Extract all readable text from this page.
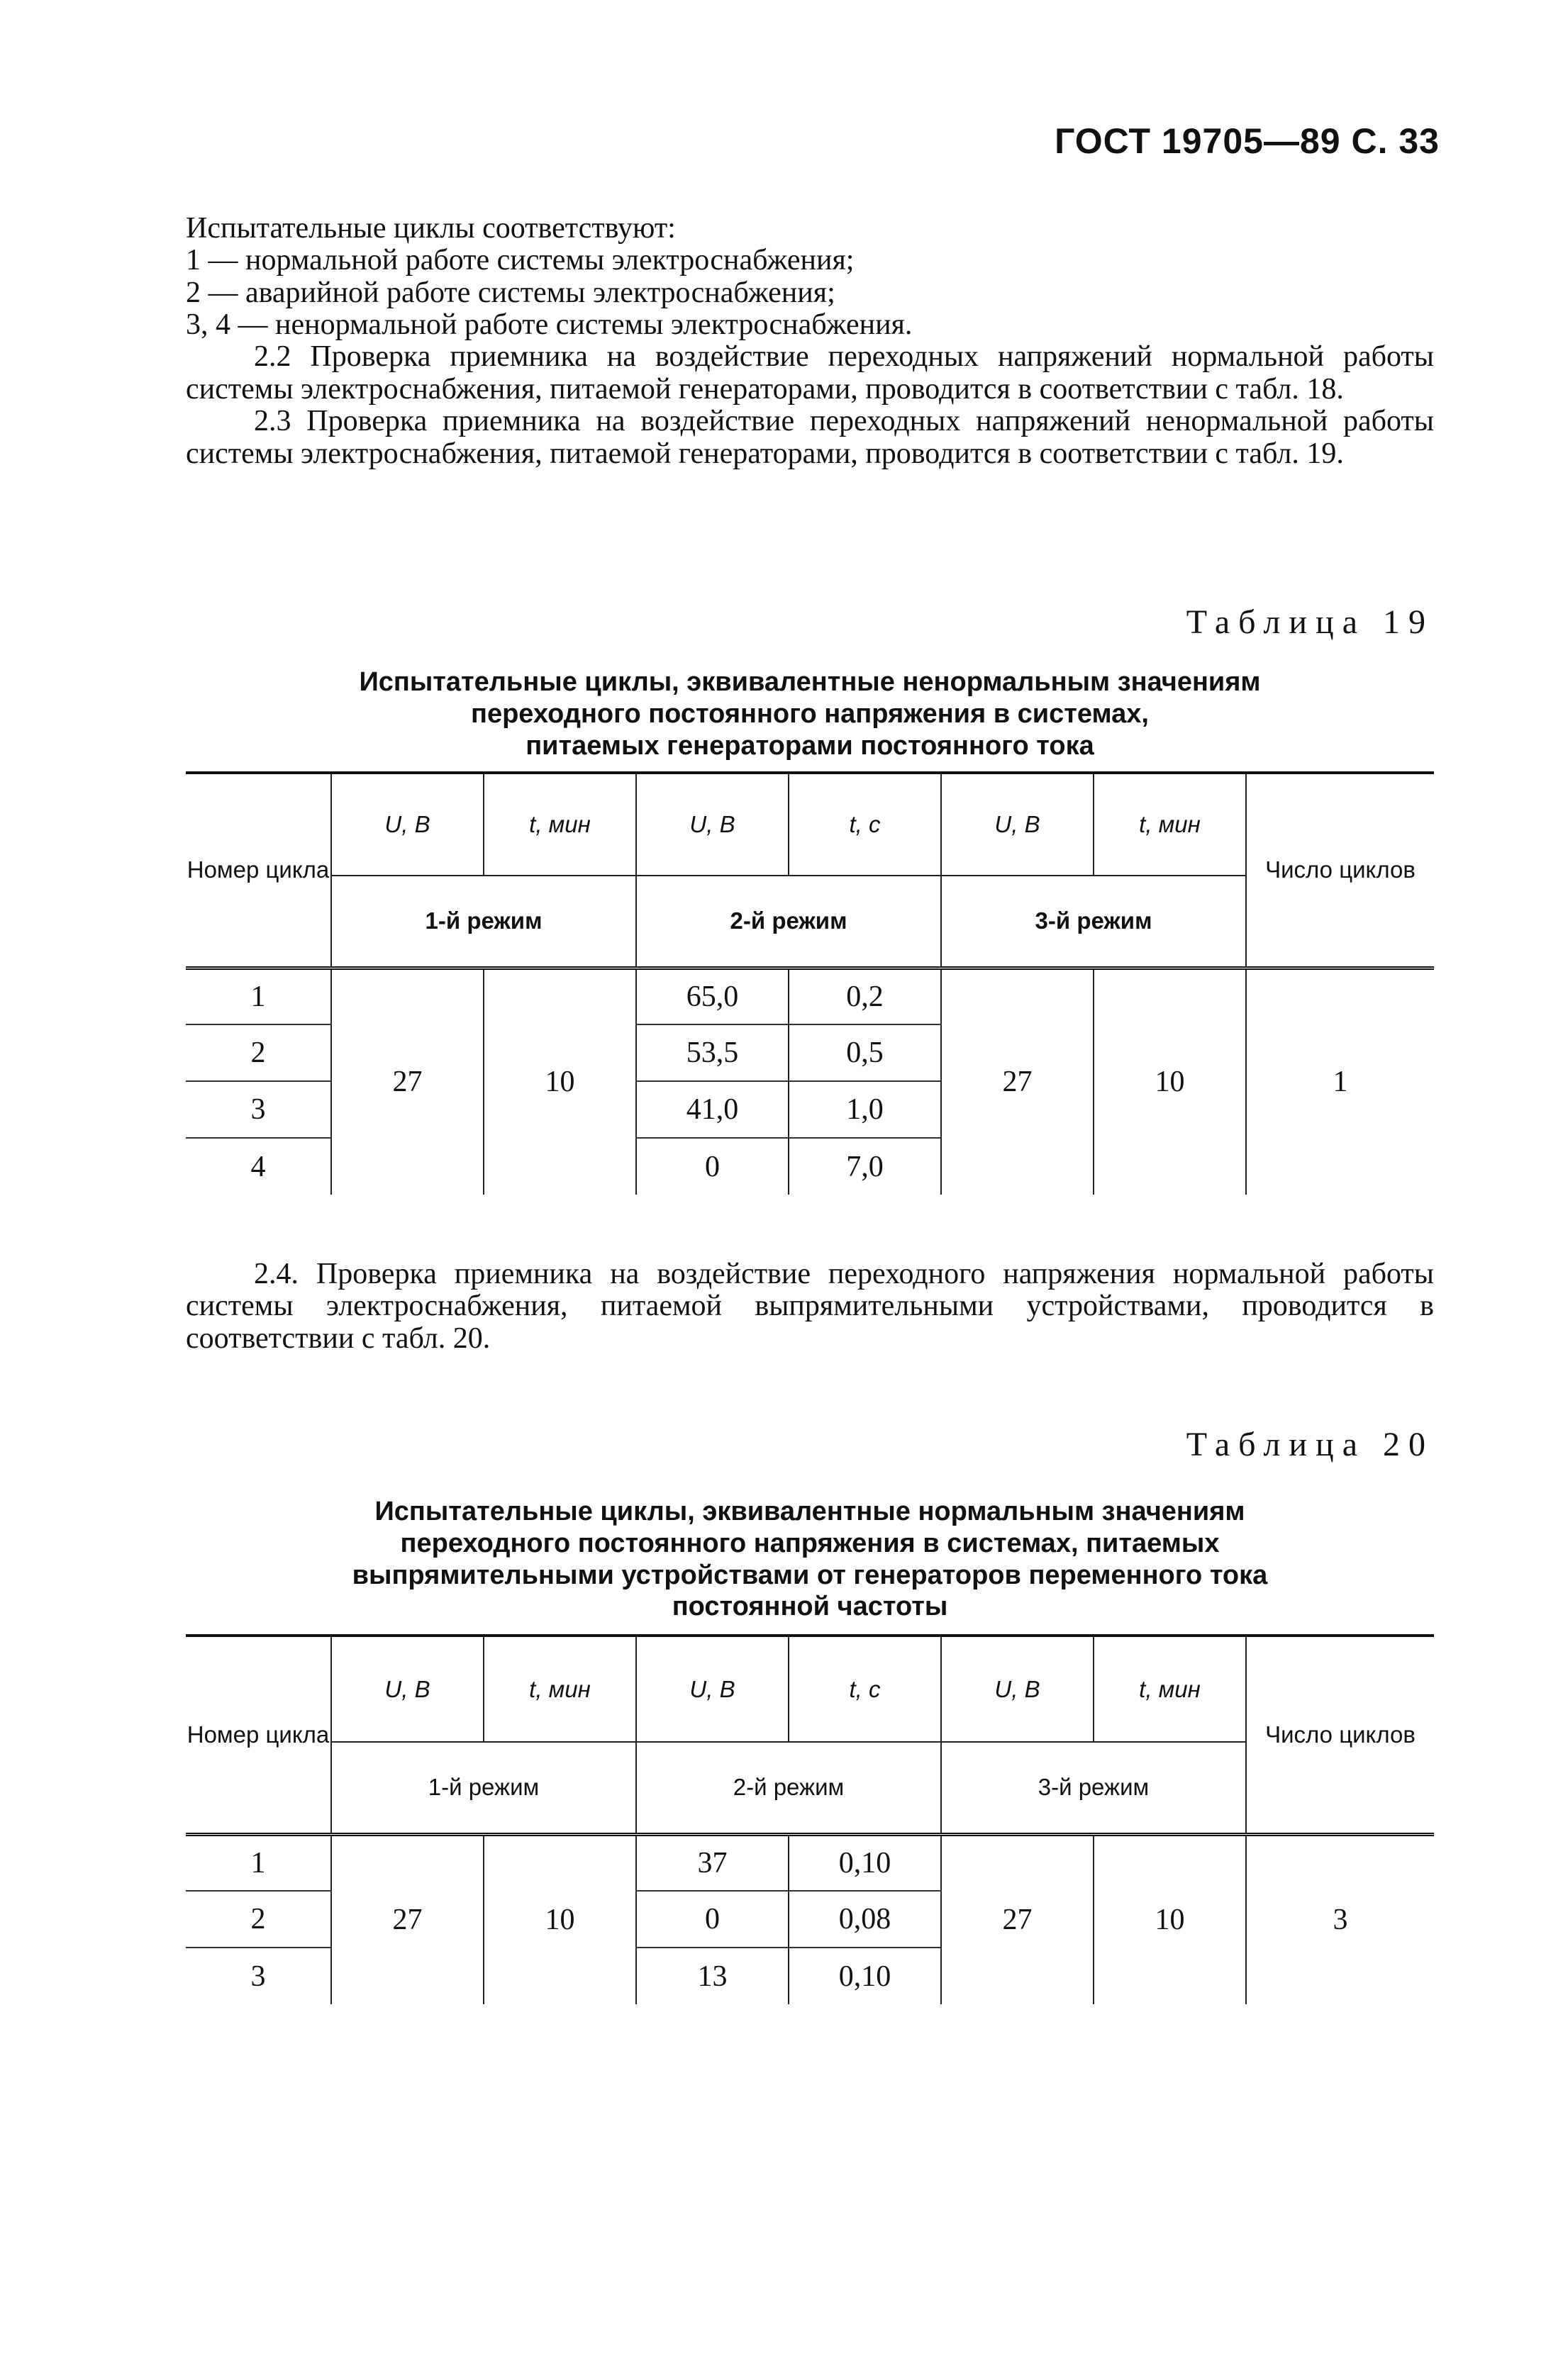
ГОСТ 19705—89 С. 33

Испытательные циклы соответствуют:

1 — нормальной работе системы электроснабжения;

2 — аварийной работе системы электроснабжения;

3, 4 — ненормальной работе системы электроснабжения.

2.2 Проверка приемника на воздействие переходных напряжений нормальной работы системы электроснабжения, питаемой генераторами, проводится в соответствии с табл. 18.

2.3 Проверка приемника на воздействие переходных напряжений ненормальной работы системы электроснабжения, питаемой генераторами, проводится в соответствии с табл. 19.

Таблица 19
Испытательные циклы, эквивалентные ненормальным значениям
переходного постоянного напряжения в системах,
питаемых генераторами постоянного тока
Номер цикла	U, В	t, мин	U, В	t, с	U, В	t, мин	Число циклов
	1-й режим		2-й режим		3-й режим		
1	27	10	65,0	0,2	27	10	1
2			53,5	0,5			
3			41,0	1,0			
4			0	7,0			

2.4. Проверка приемника на воздействие переходного напряжения нормальной работы системы электроснабжения, питаемой выпрямительными устройствами, проводится в соответствии с табл. 20.

Таблица 20
Испытательные циклы, эквивалентные нормальным значениям
переходного постоянного напряжения в системах, питаемых
выпрямительными устройствами от генераторов переменного тока
постоянной частоты
Номер цикла	U, В	t, мин	U, В	t, с	U, В	t, мин	Число циклов
	1-й режим		2-й режим		3-й режим		
1	27	10	37	0,10	27	10	3
2			0	0,08			
3			13	0,10			
